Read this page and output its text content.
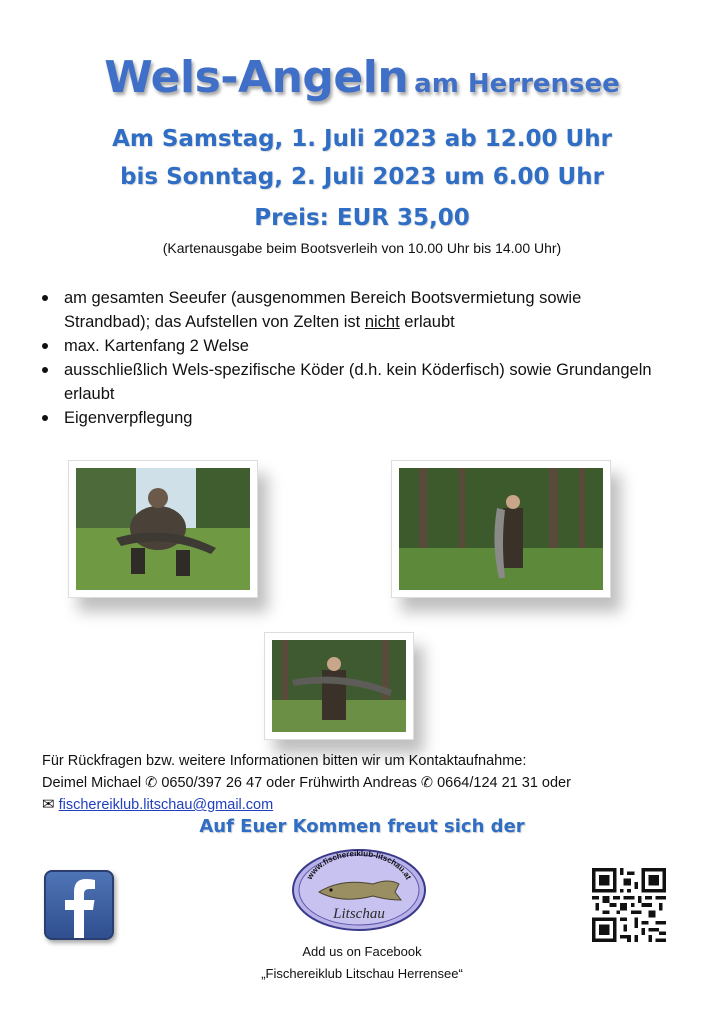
Wels-Angeln am Herrensee
Am Samstag, 1. Juli 2023 ab 12.00 Uhr
bis Sonntag, 2. Juli 2023 um 6.00 Uhr
Preis: EUR 35,00
(Kartenausgabe beim Bootsverleih von 10.00 Uhr bis 14.00 Uhr)
am gesamten Seeufer (ausgenommen Bereich Bootsvermietung sowie Strandbad); das Aufstellen von Zelten ist nicht erlaubt
max. Kartenfang 2 Welse
ausschließlich Wels-spezifische Köder (d.h. kein Köderfisch) sowie Grundangeln erlaubt
Eigenverpflegung
Für Rückfragen bzw. weitere Informationen bitten wir um Kontaktaufnahme:
Deimel Michael ✆ 0650/397 26 47 oder Frühwirth Andreas ✆ 0664/124 21 31 oder
✉ fischereiklub.litschau@gmail.com
Auf Euer Kommen freut sich der
www.fischereiklub-litschau.at
Litschau
Add us on Facebook
„Fischereiklub Litschau Herrensee“
